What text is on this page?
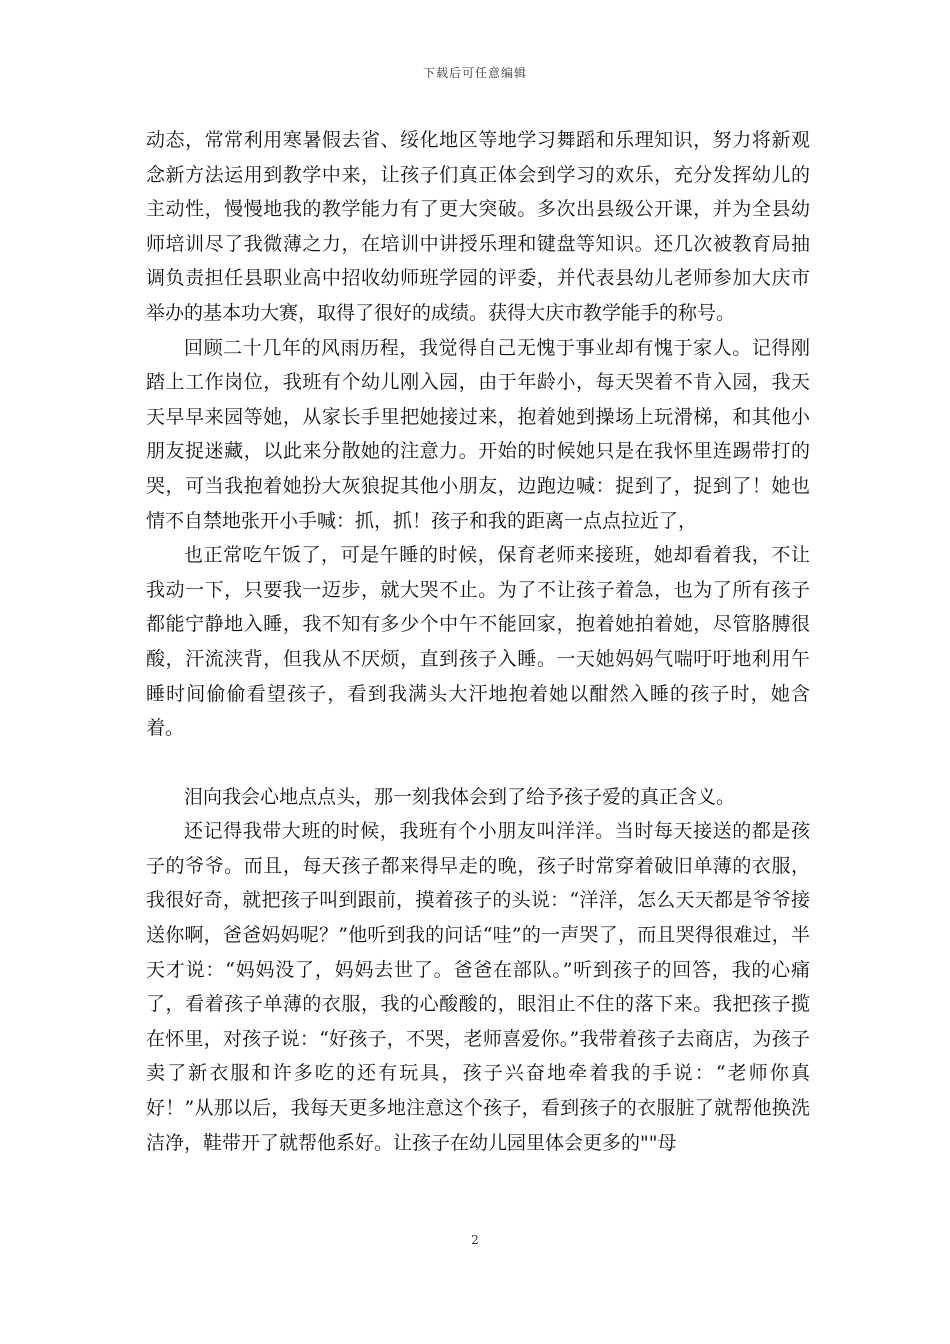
下载后可任意编辑

动态，常常利用寒暑假去省、绥化地区等地学习舞蹈和乐理知识，努力将新观念新方法运用到教学中来，让孩子们真正体会到学习的欢乐，充分发挥幼儿的主动性，慢慢地我的教学能力有了更大突破。多次出县级公开课，并为全县幼师培训尽了我微薄之力，在培训中讲授乐理和键盘等知识。还几次被教育局抽调负责担任县职业高中招收幼师班学园的评委，并代表县幼儿老师参加大庆市举办的基本功大赛，取得了很好的成绩。获得大庆市教学能手的称号。

回顾二十几年的风雨历程，我觉得自己无愧于事业却有愧于家人。记得刚踏上工作岗位，我班有个幼儿刚入园，由于年龄小，每天哭着不肯入园，我天天早早来园等她，从家长手里把她接过来，抱着她到操场上玩滑梯，和其他小朋友捉迷藏，以此来分散她的注意力。开始的时候她只是在我怀里连踢带打的哭，可当我抱着她扮大灰狼捉其他小朋友，边跑边喊：捉到了，捉到了！她也情不自禁地张开小手喊：抓，抓！孩子和我的距离一点点拉近了，

也正常吃午饭了，可是午睡的时候，保育老师来接班，她却看着我，不让我动一下，只要我一迈步，就大哭不止。为了不让孩子着急，也为了所有孩子都能宁静地入睡，我不知有多少个中午不能回家，抱着她拍着她，尽管胳膊很酸，汗流浃背，但我从不厌烦，直到孩子入睡。一天她妈妈气喘吁吁地利用午睡时间偷偷看望孩子，看到我满头大汗地抱着她以酣然入睡的孩子时，她含着。

泪向我会心地点点头，那一刻我体会到了给予孩子爱的真正含义。

还记得我带大班的时候，我班有个小朋友叫洋洋。当时每天接送的都是孩子的爷爷。而且，每天孩子都来得早走的晚，孩子时常穿着破旧单薄的衣服，我很好奇，就把孩子叫到跟前，摸着孩子的头说：“洋洋，怎么天天都是爷爷接送你啊，爸爸妈妈呢？”他听到我的问话“哇”的一声哭了，而且哭得很难过，半天才说：“妈妈没了，妈妈去世了。爸爸在部队。”听到孩子的回答，我的心痛了，看着孩子单薄的衣服，我的心酸酸的，眼泪止不住的落下来。我把孩子揽在怀里，对孩子说：“好孩子，不哭，老师喜爱你。”我带着孩子去商店，为孩子卖了新衣服和许多吃的还有玩具，孩子兴奋地牵着我的手说：“老师你真好！”从那以后，我每天更多地注意这个孩子，看到孩子的衣服脏了就帮他换洗洁净，鞋带开了就帮他系好。让孩子在幼儿园里体会更多的""母

2
